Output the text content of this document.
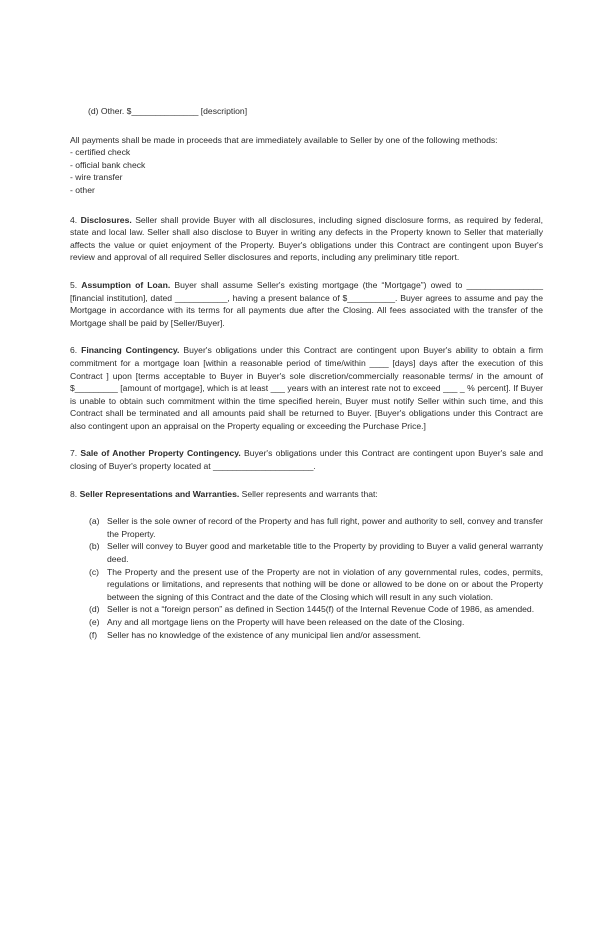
(d) Other. $______________ [description]

All payments shall be made in proceeds that are immediately available to Seller by one of the following methods:

- certified check

- official bank check

- wire transfer

- other

4. Disclosures. Seller shall provide Buyer with all disclosures, including signed disclosure forms, as required by federal, state and local law. Seller shall also disclose to Buyer in writing any defects in the Property known to Seller that materially affects the value or quiet enjoyment of the Property. Buyer's obligations under this Contract are contingent upon Buyer's review and approval of all required Seller disclosures and reports, including any preliminary title report.

5. Assumption of Loan. Buyer shall assume Seller's existing mortgage (the “Mortgage”) owed to ________________ [financial institution], dated ___________, having a present balance of $__________. Buyer agrees to assume and pay the Mortgage in accordance with its terms for all payments due after the Closing. All fees associated with the transfer of the Mortgage shall be paid by [Seller/Buyer].

6. Financing Contingency. Buyer's obligations under this Contract are contingent upon Buyer's ability to obtain a firm commitment for a mortgage loan [within a reasonable period of time/within ____ [days] days after the execution of this Contract ] upon [terms acceptable to Buyer in Buyer's sole discretion/commercially reasonable terms/ in the amount of $_________ [amount of mortgage], which is at least ___ years with an interest rate not to exceed ___ _ % percent]. If Buyer is unable to obtain such commitment within the time specified herein, Buyer must notify Seller within such time, and this Contract shall be terminated and all amounts paid shall be returned to Buyer. [Buyer's obligations under this Contract are also contingent upon an appraisal on the Property equaling or exceeding the Purchase Price.]

7. Sale of Another Property Contingency. Buyer's obligations under this Contract are contingent upon Buyer's sale and closing of Buyer's property located at _____________________.

8. Seller Representations and Warranties. Seller represents and warrants that:

(a) Seller is the sole owner of record of the Property and has full right, power and authority to sell, convey and transfer the Property.
(b) Seller will convey to Buyer good and marketable title to the Property by providing to Buyer a valid general warranty deed.
(c) The Property and the present use of the Property are not in violation of any governmental rules, codes, permits, regulations or limitations, and represents that nothing will be done or allowed to be done on or about the Property between the signing of this Contract and the date of the Closing which will result in any such violation.
(d) Seller is not a “foreign person” as defined in Section 1445(f) of the Internal Revenue Code of 1986, as amended.
(e) Any and all mortgage liens on the Property will have been released on the date of the Closing.
(f)	Seller has no knowledge of the existence of any municipal lien and/or assessment.
